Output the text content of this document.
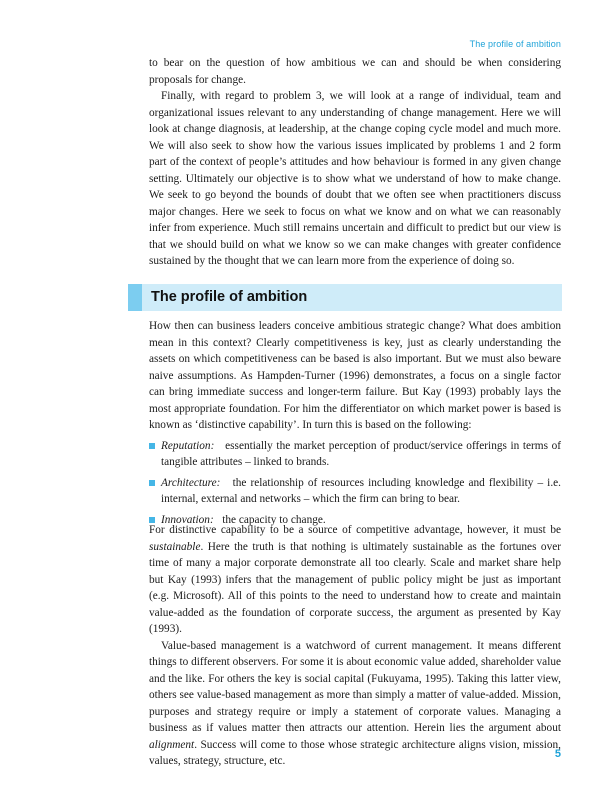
The profile of ambition

to bear on the question of how ambitious we can and should be when considering proposals for change.

Finally, with regard to problem 3, we will look at a range of individual, team and organizational issues relevant to any understanding of change management. Here we will look at change diagnosis, at leadership, at the change coping cycle model and much more. We will also seek to show how the various issues implicated by problems 1 and 2 form part of the context of people’s attitudes and how behaviour is formed in any given change setting. Ultimately our objective is to show what we understand of how to make change. We seek to go beyond the bounds of doubt that we often see when practitioners discuss major changes. Here we seek to focus on what we know and on what we can reasonably infer from experience. Much still remains uncertain and difficult to predict but our view is that we should build on what we know so we can make changes with greater confidence sustained by the thought that we can learn more from the experience of doing so.

The profile of ambition

How then can business leaders conceive ambitious strategic change? What does ambition mean in this context? Clearly competitiveness is key, just as clearly understanding the assets on which competitiveness can be based is also important. But we must also beware naive assumptions. As Hampden-Turner (1996) demonstrates, a focus on a single factor can bring immediate success and longer-term failure. But Kay (1993) probably lays the most appropriate foundation. For him the differentiator on which market power is based is known as ‘distinctive capability’. In turn this is based on the following:

Reputation: essentially the market perception of product/service offerings in terms of tangible attributes – linked to brands.
Architecture: the relationship of resources including knowledge and flexibility – i.e. internal, external and networks – which the firm can bring to bear.
Innovation: the capacity to change.

For distinctive capability to be a source of competitive advantage, however, it must be sustainable. Here the truth is that nothing is ultimately sustainable as the fortunes over time of many a major corporate demonstrate all too clearly. Scale and market share help but Kay (1993) infers that the management of public policy might be just as important (e.g. Microsoft). All of this points to the need to understand how to create and maintain value-added as the foundation of corporate success, the argument as presented by Kay (1993).

Value-based management is a watchword of current management. It means different things to different observers. For some it is about economic value added, shareholder value and the like. For others the key is social capital (Fukuyama, 1995). Taking this latter view, others see value-based management as more than simply a matter of value-added. Mission, purposes and strategy require or imply a statement of corporate values. Managing a business as if values matter then attracts our attention. Herein lies the argument about alignment. Success will come to those whose strategic architecture aligns vision, mission, values, strategy, structure, etc.

5
